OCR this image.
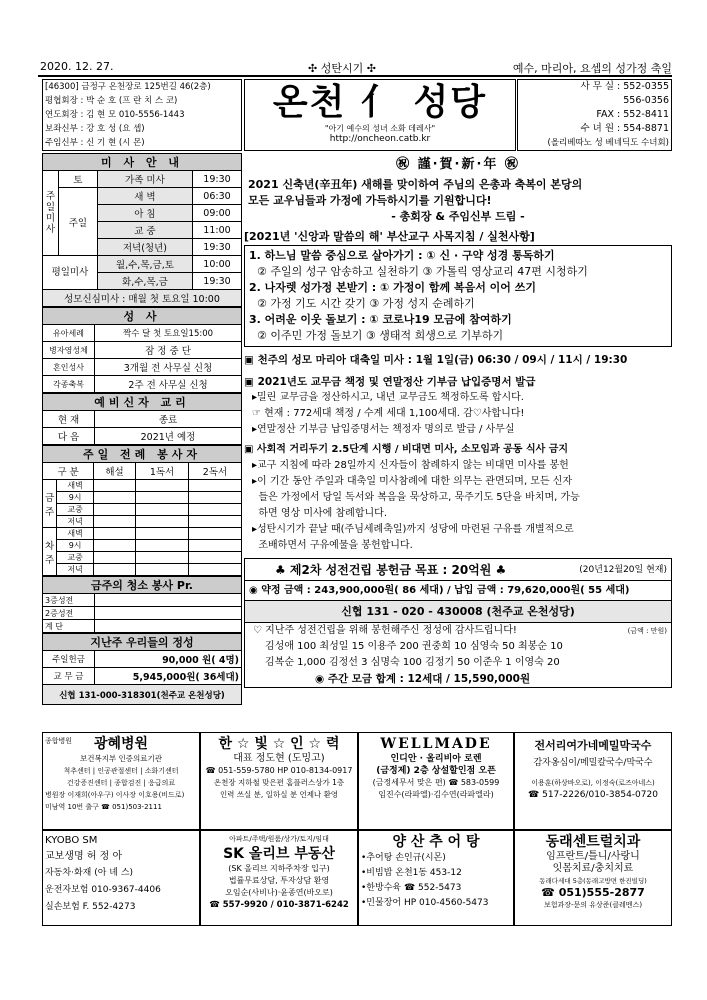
2020. 12. 27.	✣ 성탄시기 ✣	예수, 마리아, 요셉의 성가정 축일
[46300] 금정구 온천장로 125번길 46(2층)
평협회장 : 박 순 호 (프 란 치 스 코)
연도회장 : 김 현 모 010-5556-1443
보좌신부 : 강 호 성 (요 셉)
주임신부 : 신 기 현 (시 몬)
온천 ⺅ 성당
"아기 예수의 성녀 소화 데레사"
http://oncheon.catb.kr
사 무 실 : 552-0355
556-0356
FAX : 552-8411
수 녀 원 : 554-8871
(올리베따노 성 베네딕도 수녀회)
미 사 안 내			
주일미사	토	가족 미사	19:30
	주일	새 벽	06:30
		아 침	09:00
		교 중	11:00
		저녁(청년)	19:30
평일미사		월,수,목,금,토	10:00
		화,수,목,금	19:30
성모신심미사 : 매월 첫 토요일 10:00			
성 사	
유아세례	짝수 달 첫 토요일15:00
병자영성체	잠 정 중 단
혼인성사	3개월 전 사무실 신청
각종축복	2주 전 사무실 신청
예비신자 교리	
현 재	종료
다 음	2021년 예정
주일 전례 봉사자				
구 분		해설	1독서	2독서
금주	새벽			
	9시			
	교중			
	저녁			
차주	새벽			
	9시			
	교중			
	저녁			
금주의 청소 봉사 Pr.	
3증성전	
2증성전	
계 단	
지난주 우리들의 정성	
주일헌금	90,000 원( 4명)
교 무 금	5,945,000원( 36세대)
신협 131-000-318301(천주교 온천성당)	
㊗ 謹·賀·新·年 ㊗
2021 신축년(辛丑年) 새해를 맞이하여 주님의 은총과 축복이 본당의
모든 교우님들과 가정에 가득하시기를 기원합니다!
- 총회장 & 주임신부 드림 -
[2021년 '신앙과 말씀의 해' 부산교구 사목지침 / 실천사항]
1. 하느님 말씀 중심으로 살아가기 : ① 신 · 구약 성경 통독하기
② 주일의 성구 암송하고 실천하기 ③ 가톨릭 영상교리 47편 시청하기
2. 나자렛 성가정 본받기 : ① 가정이 함께 복음서 이어 쓰기
② 가정 기도 시간 갖기 ③ 가정 성지 순례하기
3. 어려운 이웃 돌보기 : ① 코로나19 모금에 참여하기
② 이주민 가정 돌보기 ③ 생태적 희생으로 기부하기
▣ 천주의 성모 마리아 대축일 미사 : 1월 1일(금) 06:30 / 09시 / 11시 / 19:30
▣ 2021년도 교무금 책정 및 연말정산 기부금 납입증명서 발급
▸밀린 교무금을 정산하시고, 내년 교무금도 책정하도록 합시다.
☞ 현재 : 772세대 책정 / 수계 세대 1,100세대. 감♡사합니다!
▸연말정산 기부금 납입증명서는 책정자 명의로 발급 / 사무실
▣ 사회적 거리두기 2.5단계 시행 / 비대면 미사, 소모임과 공동 식사 금지
▸교구 지침에 따라 28일까지 신자들이 참례하지 않는 비대면 미사를 봉헌
▸이 기간 동안 주일과 대축일 미사참례에 대한 의무는 관면되며, 모든 신자
들은 가정에서 당일 독서와 복음을 묵상하고, 묵주기도 5단을 바치며, 가능
하면 영상 미사에 참례합니다.
▸성탄시기가 끝날 때(주님세례축일)까지 성당에 마련된 구유를 개별적으로
조배하면서 구유예물을 봉헌합니다.
♣ 제2차 성전건립 봉헌금 목표 : 20억원 ♣	(20년12월20일 현재)
◉ 약정 금액 : 243,900,000원( 86 세대) / 납입 금액 : 79,620,000원( 55 세대)
신협 131 - 020 - 430008 (천주교 온천성당)
♡ 지난주 성전건립을 위해 봉헌해주신 정성에 감사드립니다!	(금액 : 만원)
김성애 100 최성일 15 이용주 200 권중희 10 심영숙 50 최봉순 10
김복순 1,000 김정선 3 심명숙 100 김정기 50 이준우 1 이영숙 20
◉ 주간 모금 합계 : 12세대 / 15,590,000원
종합병원	광혜병원
보건복지부 인증의료기관
척추센터 | 인공관절센터 | 소화기센터
건강증진센터 | 종합검진 | 응급의료
병원장 이재희(아우구) 이사장 이호용(비드로)
미남역 10번 출구 ☎ 051)503-2111
한 ☆ 빛 ☆ 인 ☆ 력
대표 정도현 (도밍고)
☎ 051-559-5780 HP 010-8134-0917
온천장 지하철 맞은편 홈플러스상가 1층
인력 쓰실 분, 일하실 분 언제나 환영
WELLMADE
인디안 · 올리비아 로렌
(금정제) 2층 상설할인점 오픈
(금정세무서 맞은 편) ☎ 583-0599
임진수(라파엘)·김수연(라파엘라)
전서리여가네메밀막국수
감자옹심이/메밀칼국수/막국수
이용훈(하상바오로), 이정숙(로즈아네스)
☎ 517-2226/010-3854-0720
KYOBO SM
교보생명 허 정 아
자동차·화재 (아 녜 스)
운전자보험 010-9367-4406
실손보험 F. 552-4273
아파트/주택/원룸/상가/토지/임대
SK 올리브 부동산
(SK 올리브 지하주차장 입구)
법률무료상담, 투자상담 환영
오임순(사비나)·윤종연(바오로)
☎ 557-9920 / 010-3871-6242
양 산 추 어 탕
•추어탕 손인규(시몬)
•비빔밥 온천1동 453-12
•한방수육 ☎ 552-5473
•민물장어 HP 010-4560-5473
동래센트럴치과
임프란트/틀니/사랑니
잇몸치료/충치치료
동래다세대 5층(동래고방면 한진빌딩)
☎ 051)555-2877
보험과장-문의 유상준(클레멘스)
